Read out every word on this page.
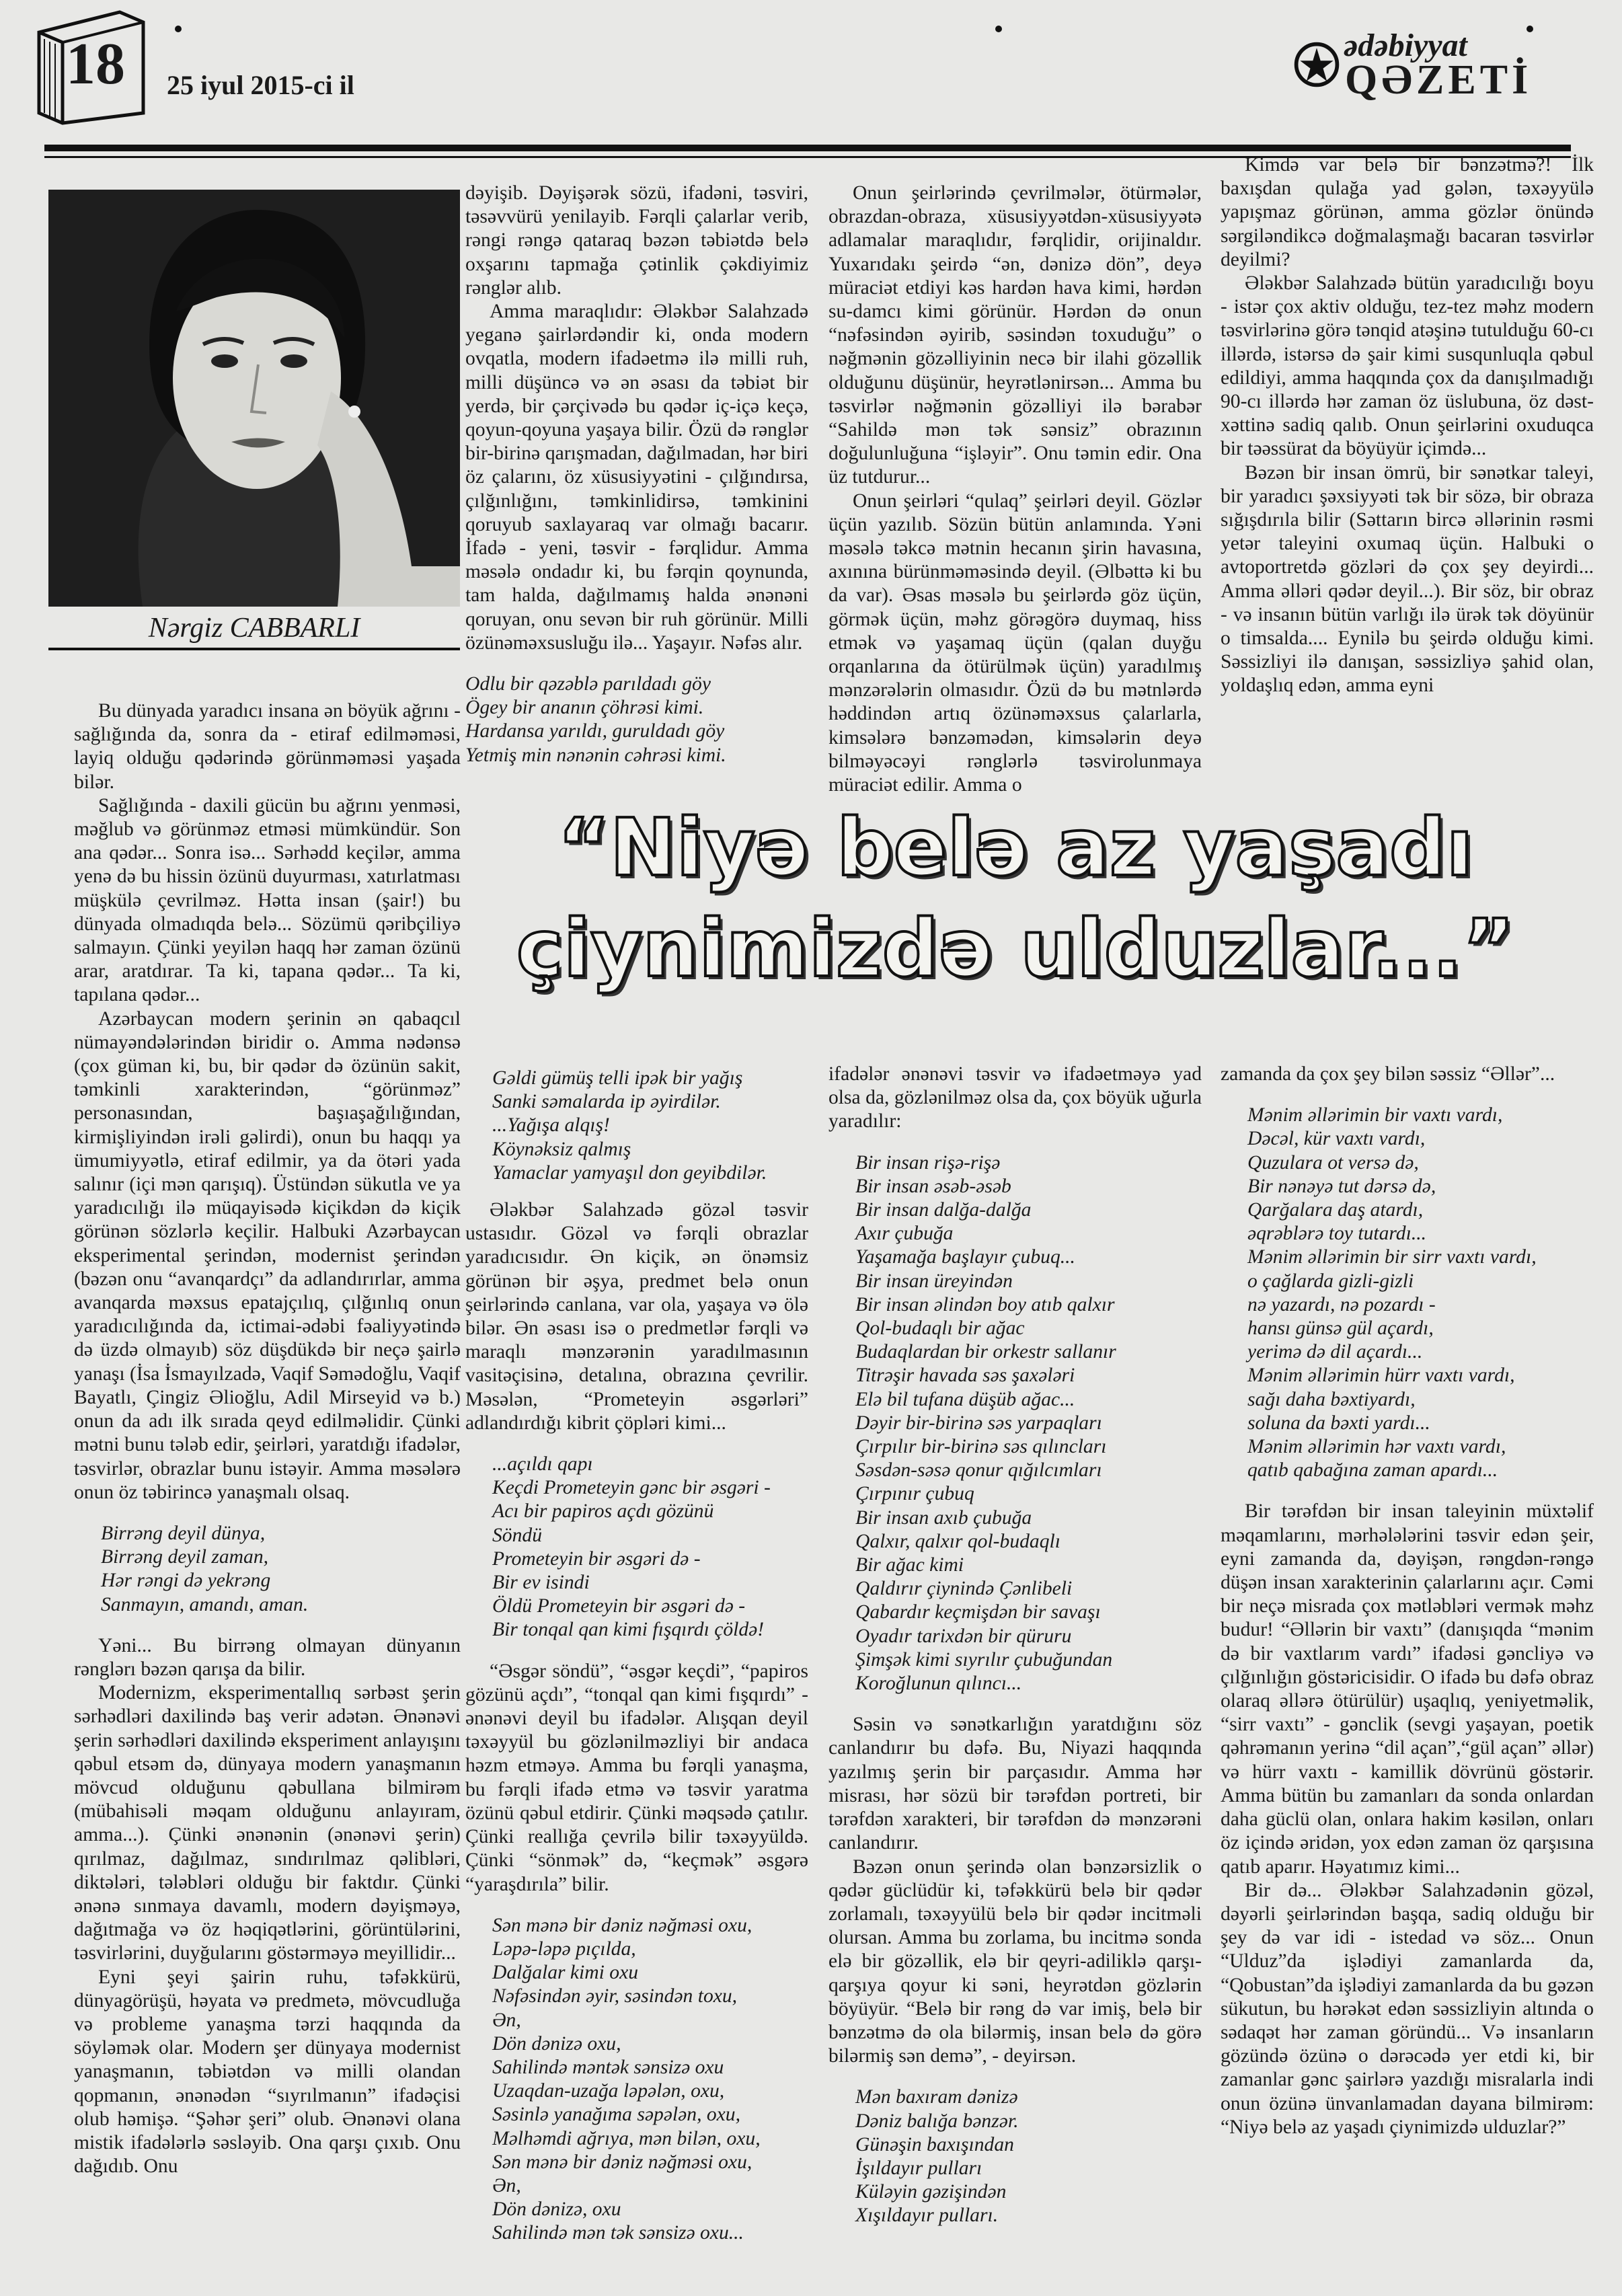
18	25 iyul 2015-ci il
ədəbiyyat
QƏZETİ
Nərgiz CABBARLI

Bu dünyada yaradıcı insana ən böyük ağrını - sağlığında da, sonra da - etiraf edilməməsi, layiq olduğu qədərində görünməməsi yaşada bilər.

Sağlığında - daxili gücün bu ağrını yenməsi, məğlub və görünməz etməsi mümkündür. Son ana qədər... Sonra isə... Sərhədd keçilər, amma yenə də bu hissin özünü duyurması, xatırlatması müşkülə çevrilməz. Hətta insan (şair!) bu dünyada olmadıqda belə... Sözümü qəribçiliyə salmayın. Çünki yeyilən haqq hər zaman özünü arar, aratdırar. Ta ki, tapana qədər... Ta ki, tapılana qədər...

Azərbaycan modern şerinin ən qabaqcıl nümayəndələrindən biridir o. Amma nədənsə (çox güman ki, bu, bir qədər də özünün sakit, təmkinli xarakterindən, “görünməz” personasından, başıaşağılığından, kirmişliyindən irəli gəlirdi), onun bu haqqı ya ümumiyyətlə, etiraf edilmir, ya da ötəri yada salınır (içi mən qarışıq). Üstündən sükutla ve ya yaradıcılığı ilə müqayisədə kiçikdən də kiçik görünən sözlərlə keçilir. Halbuki Azərbaycan eksperimental şerindən, modernist şerindən (bəzən onu “avanqardçı” da adlandırırlar, amma avanqarda məxsus epatajçılıq, çılğınlıq onun yaradıcılığında da, ictimai-ədəbi fəaliyyətində də üzdə olmayıb) söz düşdükdə bir neçə şairlə yanaşı (İsa İsmayılzadə, Vaqif Səmədoğlu, Vaqif Bayatlı, Çingiz Əlioğlu, Adil Mirseyid və b.) onun da adı ilk sırada qeyd edilməlidir. Çünki mətni bunu tələb edir, şeirləri, yaratdığı ifadələr, təsvirlər, obrazlar bunu istəyir. Amma məsələrə onun öz təbirincə yanaşmalı olsaq.

Birrəng deyil dünya,
Birrəng deyil zaman,
Hər rəngi də yekrəng
Sanmayın, amandı, aman.

Yəni... Bu birrəng olmayan dünyanın rənglərı bəzən qarışa da bilir.

Modernizm, eksperimentallıq sərbəst şerin sərhədləri daxilində baş verir adətən. Ənənəvi şerin sərhədləri daxilində eksperiment anlayışını qəbul etsəm də, dünyaya modern yanaşmanın mövcud olduğunu qəbullana bilmirəm (mübahisəli məqam olduğunu anlayıram, amma...). Çünki ənənənin (ənənəvi şerin) qırılmaz, dağılmaz, sındırılmaz qəlibləri, diktələri, tələbləri olduğu bir faktdır. Çünki ənənə sınmaya davamlı, modern dəyişməyə, dağıtmağa və öz həqiqətlərini, görüntülərini, təsvirlərini, duyğularını göstərməyə meyillidir...

Eyni şeyi şairin ruhu, təfəkkürü, dünyagörüşü, həyata və predmetə, mövcudluğa və probleme yanaşma tərzi haqqında da söyləmək olar. Modern şer dünyaya modernist yanaşmanın, təbiətdən və milli olandan qopmanın, ənənədən “sıyrılmanın” ifadəçisi olub həmişə. “Şəhər şeri” olub. Ənənəvi olana mistik ifadələrlə səsləyib. Ona qarşı çıxıb. Onu dağıdıb. Onu

dəyişib. Dəyişərək sözü, ifadəni, təsviri, təsəvvürü yenilayib. Fərqli çalarlar verib, rəngi rəngə qataraq bəzən təbiətdə belə oxşarını tapmağa çətinlik çəkdiyimiz rənglər alıb.

Amma maraqlıdır: Ələkbər Salahzadə yeganə şairlərdəndir ki, onda modern ovqatla, modern ifadəetmə ilə milli ruh, milli düşüncə və ən əsası da təbiət bir yerdə, bir çərçivədə bu qədər iç-içə keçə, qoyun-qoyuna yaşaya bilir. Özü də rənglər bir-birinə qarışmadan, dağılmadan, hər biri öz çalarını, öz xüsusiyyətini - çılğındırsa, çılğınlığını, təmkinlidirsə, təmkinini qoruyub saxlayaraq var olmağı bacarır. İfadə - yeni, təsvir - fərqlidur. Amma məsələ ondadır ki, bu fərqin qoynunda, tam halda, dağılmamış halda ənənəni qoruyan, onu sevən bir ruh görünür. Milli özünəməxsusluğu ilə... Yaşayır. Nəfəs alır.

Odlu bir qəzəblə parıldadı göy
Ögey bir ananın çöhrəsi kimi.
Hardansa yarıldı, guruldadı göy
Yetmiş min nənənin cəhrəsi kimi.

Onun şeirlərində çevrilmələr, ötürmələr, obrazdan-obraza, xüsusiyyətdən-xüsusiyyətə adlamalar maraqlıdır, fərqlidir, orijinaldır. Yuxarıdakı şeirdə “ən, dənizə dön”, deyə müraciət etdiyi kəs hardən hava kimi, hərdən su-damcı kimi görünür. Hərdən də onun “nəfəsindən əyirib, səsindən toxuduğu” o nəğmənin gözəlliyinin necə bir ilahi gözəllik olduğunu düşünür, heyrətlənirsən... Amma bu təsvirlər nəğmənin gözəlliyi ilə bərabər “Sahildə mən tək sənsiz” obrazının doğulunluğuna “işləyir”. Onu təmin edir. Ona üz tutdurur...

Onun şeirləri “qulaq” şeirləri deyil. Gözlər üçün yazılıb. Sözün bütün anlamında. Yəni məsələ təkcə mətnin hecanın şirin havasına, axınına bürünməməsində deyil. (Əlbəttə ki bu da var). Əsas məsələ bu şeirlərdə göz üçün, görmək üçün, məhz görəgörə duymaq, hiss etmək və yaşamaq üçün (qalan duyğu orqanlarına da ötürülmək üçün) yaradılmış mənzərələrin olmasıdır. Özü də bu mətnlərdə həddindən artıq özünəməxsus çalarlarla, kimsələrə bənzəmədən, kimsələrin deyə bilməyəcəyi rənglərlə təsvirolunmaya müraciət edilir. Amma o

Kimdə var belə bir bənzətmə?! İlk baxışdan qulağa yad gələn, təxəyyülə yapışmaz görünən, amma gözlər önündə sərgiləndikcə doğmalaşmağı bacaran təsvirlər deyilmi?

Ələkbər Salahzadə bütün yaradıcılığı boyu - istər çox aktiv olduğu, tez-tez məhz modern təsvirlərinə görə tənqid atəşinə tutulduğu 60-cı illərdə, istərsə də şair kimi susqunluqla qəbul edildiyi, amma haqqında çox da danışılmadığı 90-cı illərdə hər zaman öz üslubuna, öz dəst-xəttinə sadiq qalıb. Onun şeirlərini oxuduqca bir təəssürat da böyüyür içimdə...

Bəzən bir insan ömrü, bir sənətkar taleyi, bir yaradıcı şəxsiyyəti tək bir sözə, bir obraza sığışdırıla bilir (Səttarın bircə əllərinin rəsmi yetər taleyini oxumaq üçün. Halbuki o avtoportretdə gözləri də çox şey deyirdi... Amma əlləri qədər deyil...). Bir söz, bir obraz - və insanın bütün varlığı ilə ürək tək döyünür o timsalda.... Eynilə bu şeirdə olduğu kimi. Səssizliyi ilə danışan, səssizliyə şahid olan, yoldaşlıq edən, amma eyni

“Niyə belə az yaşadı
çiynimizdə ulduzlar...”
Gəldi gümüş telli ipək bir yağış
Sanki səmalarda ip əyirdilər.
...Yağışa alqış!
Köynəksiz qalmış
Yamaclar yamyaşıl don geyibdilər.

Ələkbər Salahzadə gözəl təsvir ustasıdır. Gözəl və fərqli obrazlar yaradıcısıdır. Ən kiçik, ən önəmsiz görünən bir əşya, predmet belə onun şeirlərində canlana, var ola, yaşaya və ölə bilər. Ən əsası isə o predmetlər fərqli və maraqlı mənzərənin yaradılmasının vasitəçisinə, detalına, obrazına çevrilir. Məsələn, “Prometeyin əsgərləri” adlandırdığı kibrit çöpləri kimi...

...açıldı qapı
Keçdi Prometeyin gənc bir əsgəri -
Acı bir papiros açdı gözünü
Söndü
Prometeyin bir əsgəri də -
Bir ev isindi
Öldü Prometeyin bir əsgəri də -
Bir tonqal qan kimi fışqırdı çöldə!

“Əsgər söndü”, “əsgər keçdi”, “papiros gözünü açdı”, “tonqal qan kimi fışqırdı” - ənənəvi deyil bu ifadələr. Alışqan deyil təxəyyül bu gözlənilməzliyi bir andaca həzm etməyə. Amma bu fərqli yanaşma, bu fərqli ifadə etmə və təsvir yaratma özünü qəbul etdirir. Çünki məqsədə çatılır. Çünki reallığa çevrilə bilir təxəyyüldə. Çünki “sönmək” də, “keçmək” əsgərə “yaraşdırıla” bilir.

Sən mənə bir dəniz nəğməsi oxu,
Ləpə-ləpə pıçılda,
Dalğalar kimi oxu
Nəfəsindən əyir, səsindən toxu,
Ən,
Dön dənizə oxu,
Sahilində məntək sənsizə oxu
Uzaqdan-uzağa ləpələn, oxu,
Səsinlə yanağıma səpələn, oxu,
Məlhəmdi ağrıya, mən bilən, oxu,
Sən mənə bir dəniz nəğməsi oxu,
Ən,
Dön dənizə, oxu
Sahilində mən tək sənsizə oxu...

ifadələr ənənəvi təsvir və ifadəetməyə yad olsa da, gözlənilməz olsa da, çox böyük uğurla yaradılır:

Bir insan rişə-rişə
Bir insan əsəb-əsəb
Bir insan dalğa-dalğa
Axır çubuğa
Yaşamağa başlayır çubuq...
Bir insan üreyindən
Bir insan əlindən boy atıb qalxır
Qol-budaqlı bir ağac
Budaqlardan bir orkestr sallanır
Titrəşir havada səs şaxələri
Elə bil tufana düşüb ağac...
Dəyir bir-birinə səs yarpaqları
Çırpılır bir-birinə səs qılıncları
Səsdən-səsə qonur qığılcımları
Çırpınır çubuq
Bir insan axıb çubuğa
Qalxır, qalxır qol-budaqlı
Bir ağac kimi
Qaldırır çiynində Çənlibeli
Qabardır keçmişdən bir savaşı
Oyadır tarixdən bir qüruru
Şimşək kimi sıyrılır çubuğundan
Koroğlunun qılıncı...

Səsin və sənətkarlığın yaratdığını söz canlandırır bu dəfə. Bu, Niyazi haqqında yazılmış şerin bir parçasıdır. Amma hər misrası, hər sözü bir tərəfdən portreti, bir tərəfdən xarakteri, bir tərəfdən də mənzərəni canlandırır.

Bəzən onun şerində olan bənzərsizlik o qədər güclüdür ki, təfəkkürü belə bir qədər zorlamalı, təxəyyülü belə bir qədər incitməli olursan. Amma bu zorlama, bu incitmə sonda elə bir gözəllik, elə bir qeyri-adiliklə qarşı-qarşıya qoyur ki səni, heyrətdən gözlərin böyüyür. “Belə bir rəng də var imiş, belə bir bənzətmə də ola bilərmiş, insan belə də görə bilərmiş sən demə”, - deyirsən.

Mən baxıram dənizə
Dəniz balığa bənzər.
Günəşin baxışından
İşıldayır pulları
Küləyin gəzişindən
Xışıldayır pulları.

zamanda da çox şey bilən səssiz “Əllər”...

Mənim əllərimin bir vaxtı vardı,
Dəcəl, kür vaxtı vardı,
Quzulara ot versə də,
Bir nənəyə tut dərsə də,
Qarğalara daş atardı,
əqrəblərə toy tutardı...
Mənim əllərimin bir sirr vaxtı vardı,
o çağlarda gizli-gizli
nə yazardı, nə pozardı -
hansı günsə gül açardı,
yerimə də dil açardı...
Mənim əllərimin hürr vaxtı vardı,
sağı daha bəxtiyardı,
soluna da bəxti yardı...
Mənim əllərimin hər vaxtı vardı,
qatıb qabağına zaman apardı...

Bir tərəfdən bir insan taleyinin müxtəlif məqamlarını, mərhələlərini təsvir edən şeir, eyni zamanda da, dəyişən, rəngdən-rəngə düşən insan xarakterinin çalarlarını açır. Cəmi bir neçə misrada çox mətləbləri vermək məhz budur! “Əllərin bir vaxtı” (danışıqda “mənim də bir vaxtlarım vardı” ifadəsi gəncliyə və çılğınlığın göstəricisidir. O ifadə bu dəfə obraz olaraq əllərə ötürülür) uşaqlıq, yeniyetməlik, “sirr vaxtı” - gənclik (sevgi yaşayan, poetik qəhrəmanın yerinə “dil açan”,“gül açan” əllər) və hürr vaxtı - kamillik dövrünü göstərir. Amma bütün bu zamanları da sonda onlardan daha güclü olan, onlara hakim kəsilən, onları öz içində əridən, yox edən zaman öz qarşısına qatıb aparır. Həyatımız kimi...

Bir də... Ələkbər Salahzadənin gözəl, dəyərli şeirlərindən başqa, sadiq olduğu bir şey də var idi - istedad və söz... Onun “Ulduz”da işlədiyi zamanlarda da, “Qobustan”da işlədiyi zamanlarda da bu gəzən sükutun, bu hərəkət edən səssizliyin altında o sədaqət hər zaman göründü... Və insanların gözündə özünə o dərəcədə yer etdi ki, bir zamanlar gənc şairlərə yazdığı misralarla indi onun özünə ünvanlamadan dayana bilmirəm: “Niyə belə az yaşadı çiynimizdə ulduzlar?”
